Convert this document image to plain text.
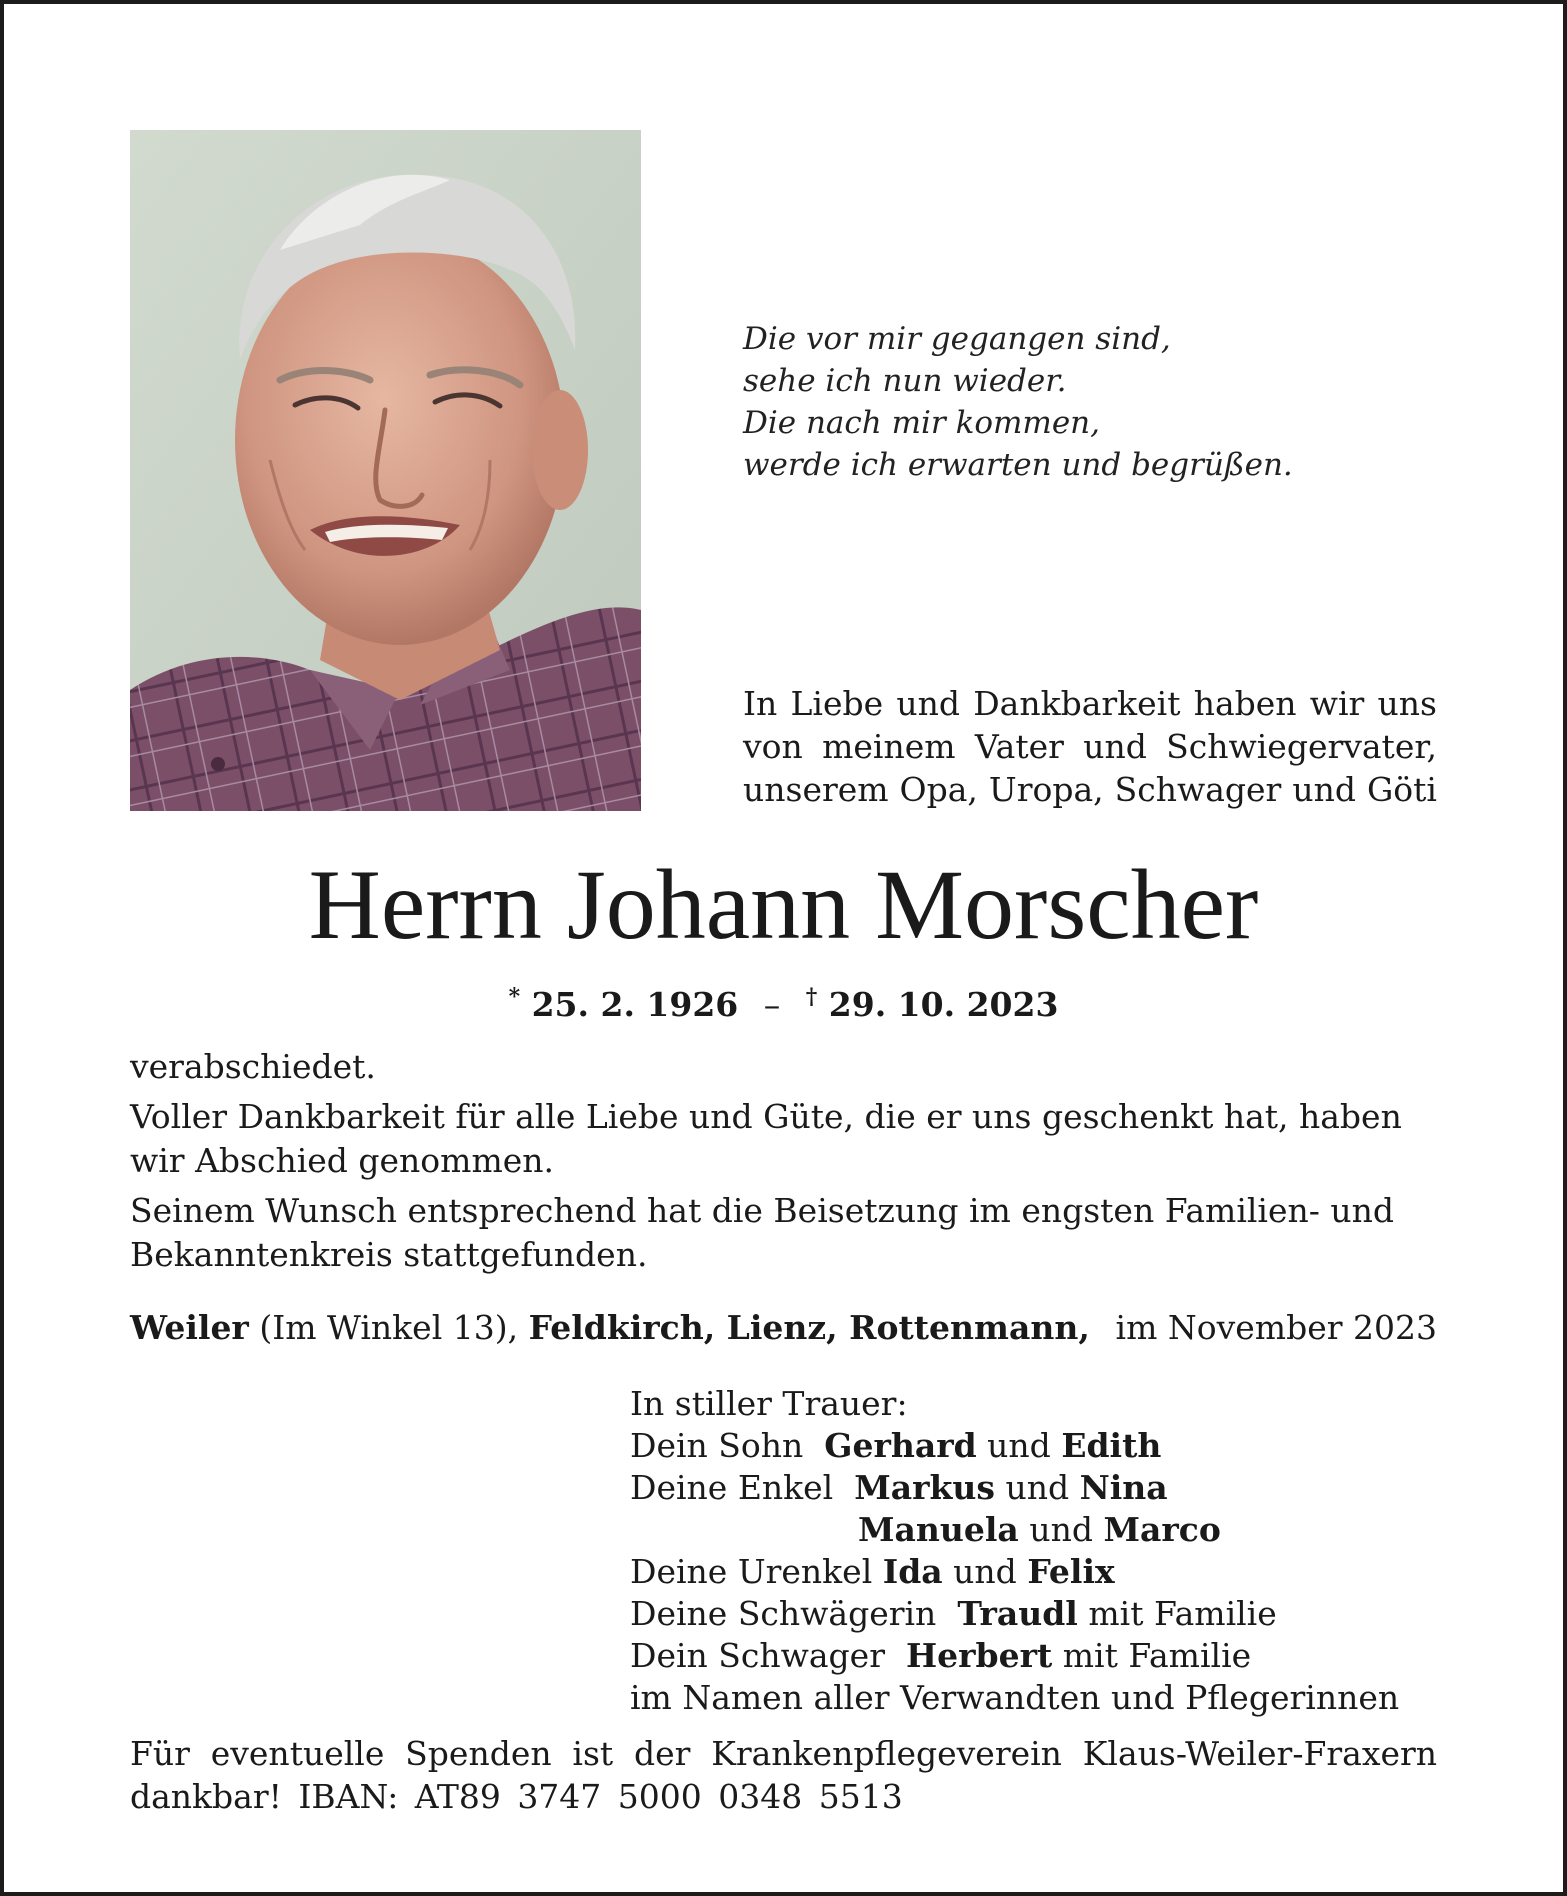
Die vor mir gegangen sind,
sehe ich nun wieder.
Die nach mir kommen,
werde ich erwarten und begrüßen.
In Liebe und Dankbarkeit haben wir uns
von meinem Vater und Schwiegervater,
unserem Opa, Uropa, Schwager und Göti
Herrn Johann Morscher
* 25. 2. 1926 – † 29. 10. 2023

verabschiedet.

Voller Dankbarkeit für alle Liebe und Güte, die er uns geschenkt hat, haben wir Abschied genommen.

Seinem Wunsch entsprechend hat die Beisetzung im engsten Familien- und Bekanntenkreis stattgefunden.

Weiler (Im Winkel 13), Feldkirch, Lienz, Rottenmann, im November 2023
In stiller Trauer:
Dein Sohn Gerhard und Edith
Deine Enkel Markus und Nina
Manuela und Marco
Deine Urenkel Ida und Felix
Deine Schwägerin Traudl mit Familie
Dein Schwager Herbert mit Familie
im Namen aller Verwandten und Pflegerinnen
Für eventuelle Spenden ist der Krankenpflegeverein Klaus-Weiler-Fraxern
dankbar! IBAN: AT89 3747 5000 0348 5513
